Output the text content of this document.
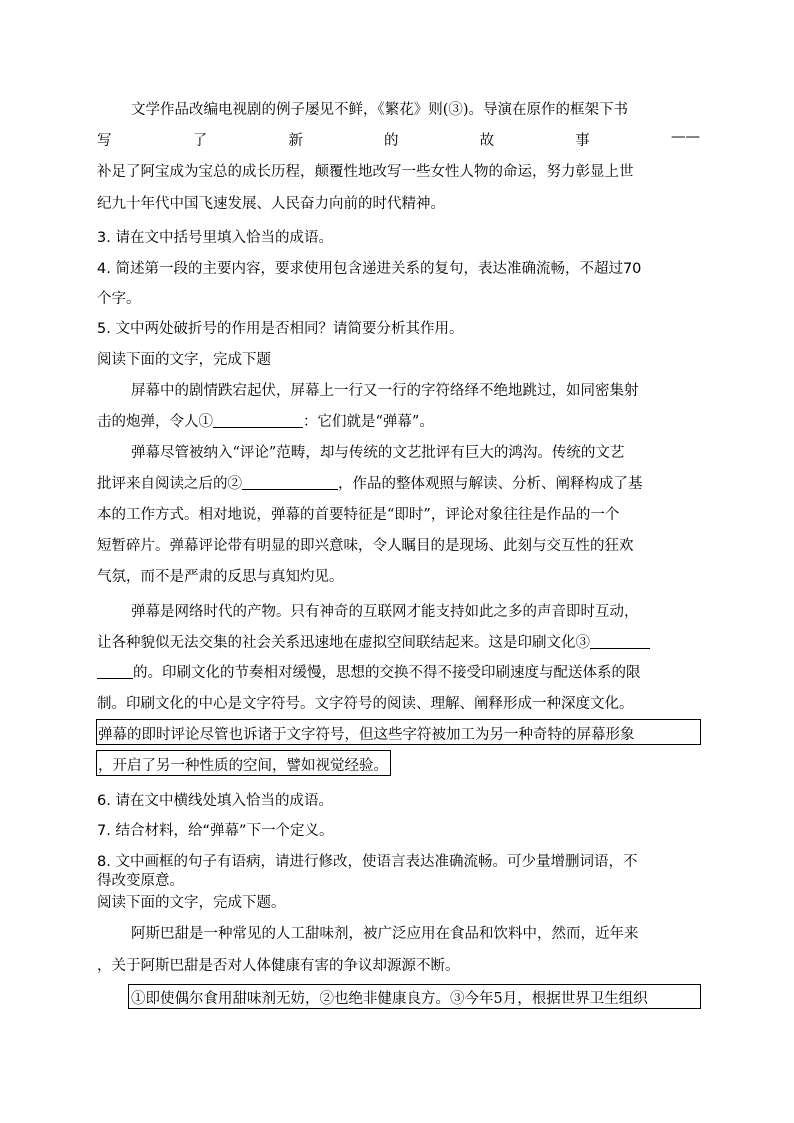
文学作品改编电视剧的例子屡见不鲜，《繁花》则(③)。导演在原作的框架下书
写	了	新	的	故	事	——
补足了阿宝成为宝总的成长历程，颠覆性地改写一些女性人物的命运，努力彰显上世
纪九十年代中国飞速发展、人民奋力向前的时代精神。
3. 请在文中括号里填入恰当的成语。
4. 简述第一段的主要内容，要求使用包含递进关系的复句，表达准确流畅，不超过70
个字。
5. 文中两处破折号的作用是否相同？请简要分析其作用。
阅读下面的文字，完成下题
屏幕中的剧情跌宕起伏，屏幕上一行又一行的字符络绎不绝地跳过，如同密集射
击的炮弹，令人①	：它们就是“弹幕”。
弹幕尽管被纳入“评论”范畴，却与传统的文艺批评有巨大的鸿沟。传统的文艺
批评来自阅读之后的②	，作品的整体观照与解读、分析、阐释构成了基
本的工作方式。相对地说，弹幕的首要特征是“即时”，评论对象往往是作品的一个
短暂碎片。弹幕评论带有明显的即兴意味，令人瞩目的是现场、此刻与交互性的狂欢
气氛，而不是严肃的反思与真知灼见。
弹幕是网络时代的产物。只有神奇的互联网才能支持如此之多的声音即时互动，
让各种貌似无法交集的社会关系迅速地在虚拟空间联结起来。这是印刷文化③
的。印刷文化的节奏相对缓慢，思想的交换不得不接受印刷速度与配送体系的限
制。印刷文化的中心是文字符号。文字符号的阅读、理解、阐释形成一种深度文化。
弹幕的即时评论尽管也诉诸于文字符号，但这些字符被加工为另一种奇特的屏幕形象
，开启了另一种性质的空间，譬如视觉经验。
6. 请在文中横线处填入恰当的成语。
7. 结合材料，给“弹幕”下一个定义。
8. 文中画框的句子有语病，请进行修改，使语言表达准确流畅。可少量增删词语，不
得改变原意。
阅读下面的文字，完成下题。
阿斯巴甜是一种常见的人工甜味剂，被广泛应用在食品和饮料中，然而，近年来
，关于阿斯巴甜是否对人体健康有害的争议却源源不断。
①即使偶尔食用甜味剂无妨，②也绝非健康良方。③今年5月，根据世界卫生组织
